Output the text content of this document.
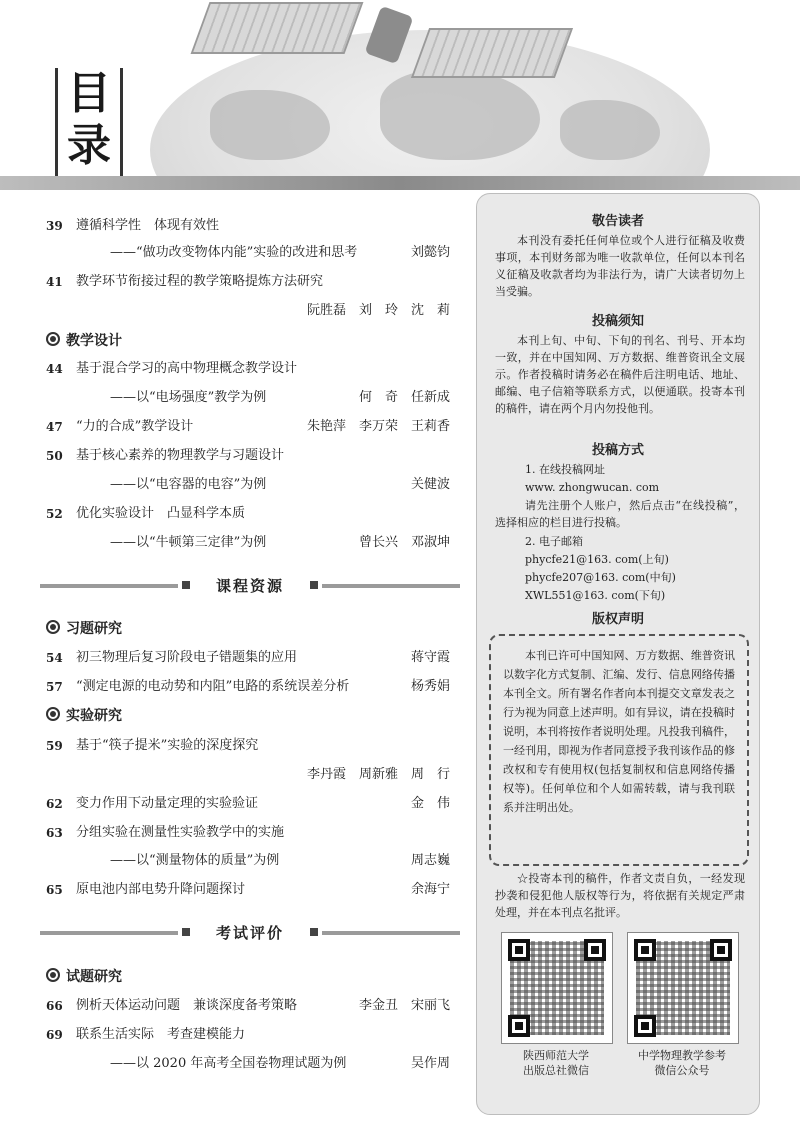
目
录
39	遵循科学性　体现有效性
——“做功改变物体内能”实验的改进和思考	刘懿钧
41	教学环节衔接过程的教学策略提炼方法研究
阮胜磊　刘　玲　沈　莉
教学设计
44	基于混合学习的高中物理概念教学设计
——以“电场强度”教学为例	何　奇　任新成
47	“力的合成”教学设计	朱艳萍　李万荣　王莉香
50	基于核心素养的物理教学与习题设计
——以“电容器的电容”为例	关健波
52	优化实验设计　凸显科学本质
——以“牛顿第三定律”为例	曾长兴　邓淑坤
课程资源
习题研究
54	初三物理后复习阶段电子错题集的应用	蒋守霞
57	“测定电源的电动势和内阻”电路的系统误差分析	杨秀娟
实验研究
59	基于“筷子提米”实验的深度探究
李丹霞　周新雅　周　行
62	变力作用下动量定理的实验验证	金　伟
63	分组实验在测量性实验教学中的实施
——以“测量物体的质量”为例	周志巍
65	原电池内部电势升降问题探讨	余海宁
考试评价
试题研究
66	例析天体运动问题　兼谈深度备考策略	李金丑　宋丽飞
69	联系生活实际　考查建模能力
——以 2020 年高考全国卷物理试题为例	吴作周
敬告读者
本刊没有委托任何单位或个人进行征稿及收费事项，本刊财务部为唯一收款单位，任何以本刊名义征稿及收款者均为非法行为，请广大读者切勿上当受骗。
投稿须知
本刊上旬、中旬、下旬的刊名、刊号、开本均一致，并在中国知网、万方数据、维普资讯全文展示。作者投稿时请务必在稿件后注明电话、地址、邮编、电子信箱等联系方式，以便通联。投寄本刊的稿件，请在两个月内勿投他刊。
投稿方式
1. 在线投稿网址
www. zhongwucan. com
请先注册个人账户，然后点击“在线投稿”，选择相应的栏目进行投稿。
2. 电子邮箱
phycfe21@163. com(上旬)
phycfe207@163. com(中旬)
XWL551@163. com(下旬)
版权声明
本刊已许可中国知网、万方数据、维普资讯以数字化方式复制、汇编、发行、信息网络传播本刊全文。所有署名作者向本刊提交文章发表之行为视为同意上述声明。如有异议，请在投稿时说明，本刊将按作者说明处理。凡投我刊稿件，一经刊用，即视为作者同意授予我刊该作品的修改权和专有使用权(包括复制权和信息网络传播权等)。任何单位和个人如需转载，请与我刊联系并注明出处。
☆投寄本刊的稿件，作者文责自负，一经发现抄袭和侵犯他人版权等行为，将依据有关规定严肃处理，并在本刊点名批评。
陕西师范大学
出版总社微信
中学物理教学参考
微信公众号
